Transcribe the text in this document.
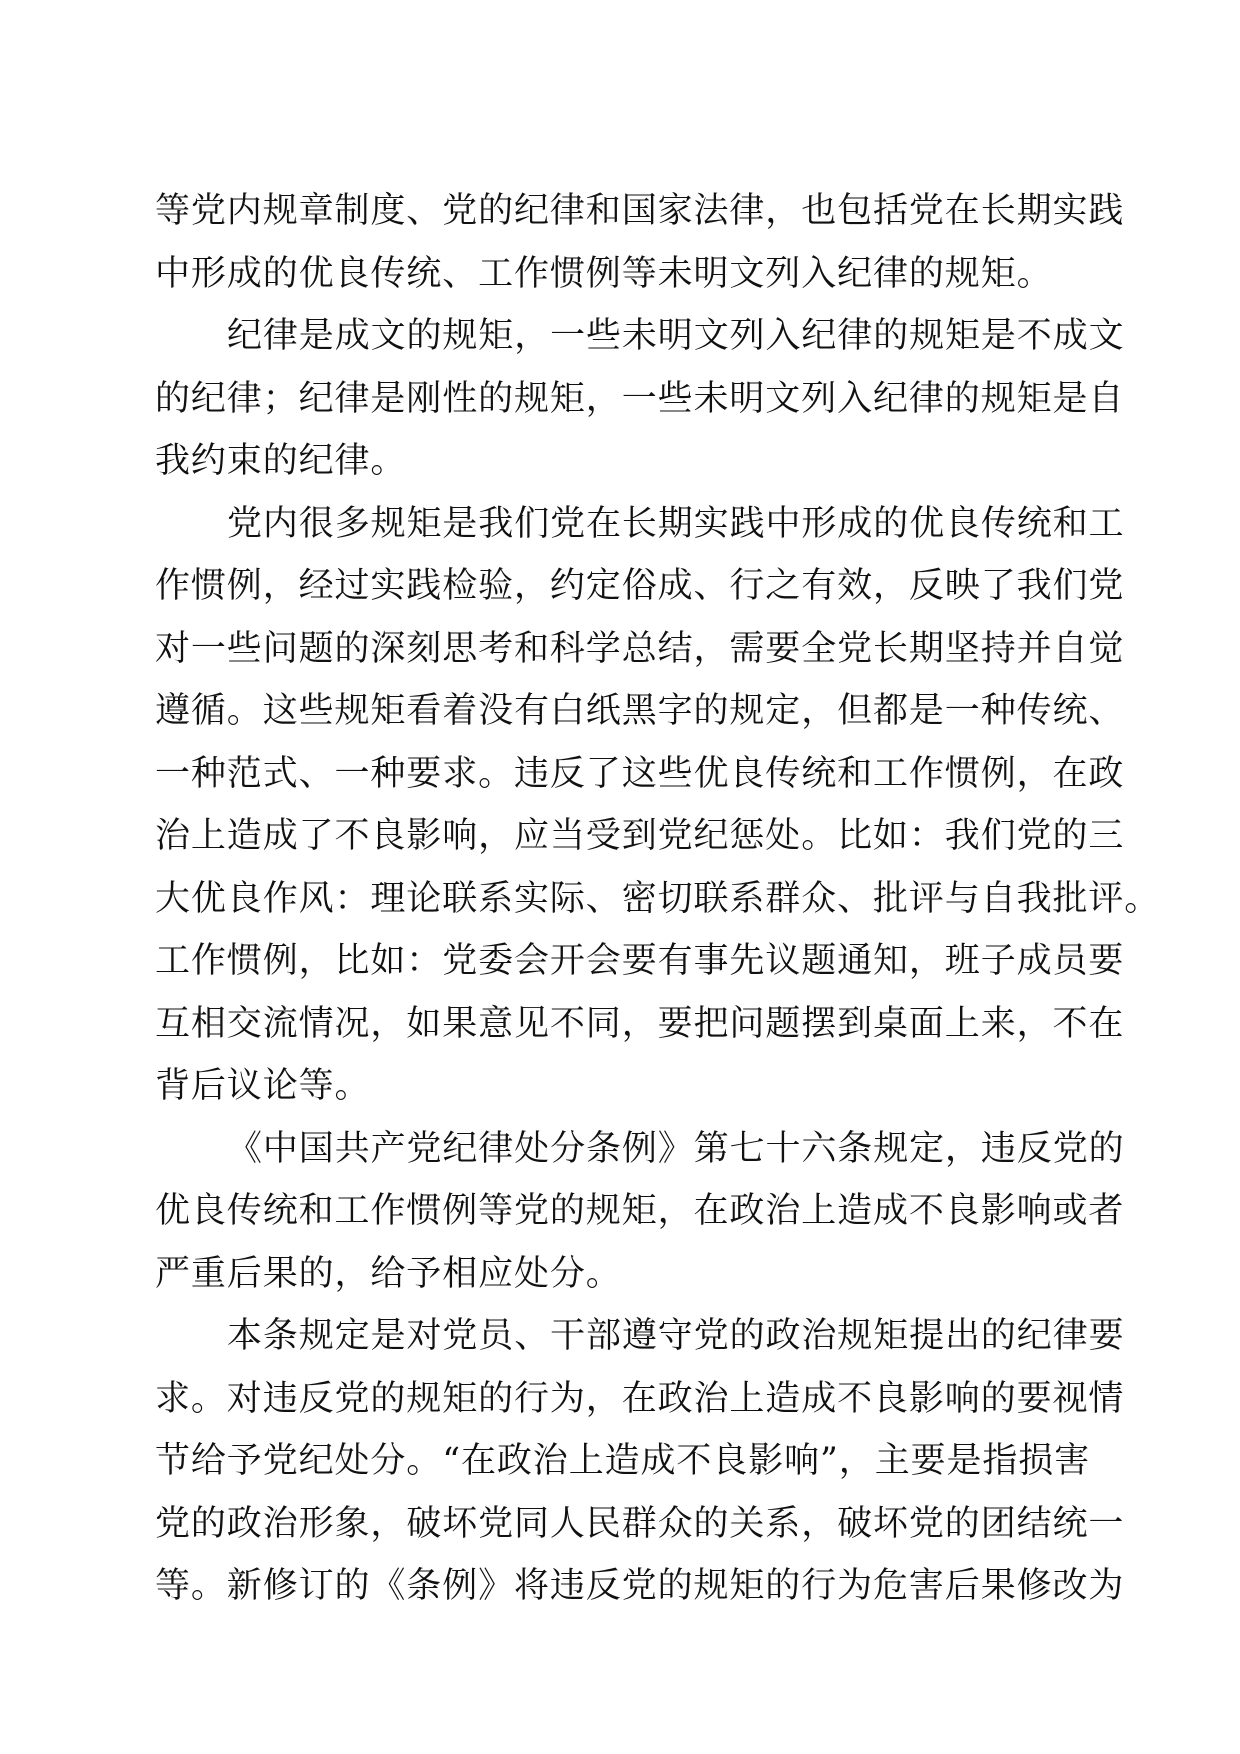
等党内规章制度、党的纪律和国家法律，也包括党在长期实践
中形成的优良传统、工作惯例等未明文列入纪律的规矩。
纪律是成文的规矩，一些未明文列入纪律的规矩是不成文
的纪律；纪律是刚性的规矩，一些未明文列入纪律的规矩是自
我约束的纪律。
党内很多规矩是我们党在长期实践中形成的优良传统和工
作惯例，经过实践检验，约定俗成、行之有效，反映了我们党
对一些问题的深刻思考和科学总结，需要全党长期坚持并自觉
遵循。这些规矩看着没有白纸黑字的规定，但都是一种传统、
一种范式、一种要求。违反了这些优良传统和工作惯例，在政
治上造成了不良影响，应当受到党纪惩处。比如：我们党的三
大优良作风：理论联系实际、密切联系群众、批评与自我批评。
工作惯例，比如：党委会开会要有事先议题通知，班子成员要
互相交流情况，如果意见不同，要把问题摆到桌面上来，不在
背后议论等。
《中国共产党纪律处分条例》第七十六条规定，违反党的
优良传统和工作惯例等党的规矩，在政治上造成不良影响或者
严重后果的，给予相应处分。
本条规定是对党员、干部遵守党的政治规矩提出的纪律要
求。对违反党的规矩的行为，在政治上造成不良影响的要视情
节给予党纪处分。“在政治上造成不良影响”，主要是指损害
党的政治形象，破坏党同人民群众的关系，破坏党的团结统一
等。新修订的《条例》将违反党的规矩的行为危害后果修改为
